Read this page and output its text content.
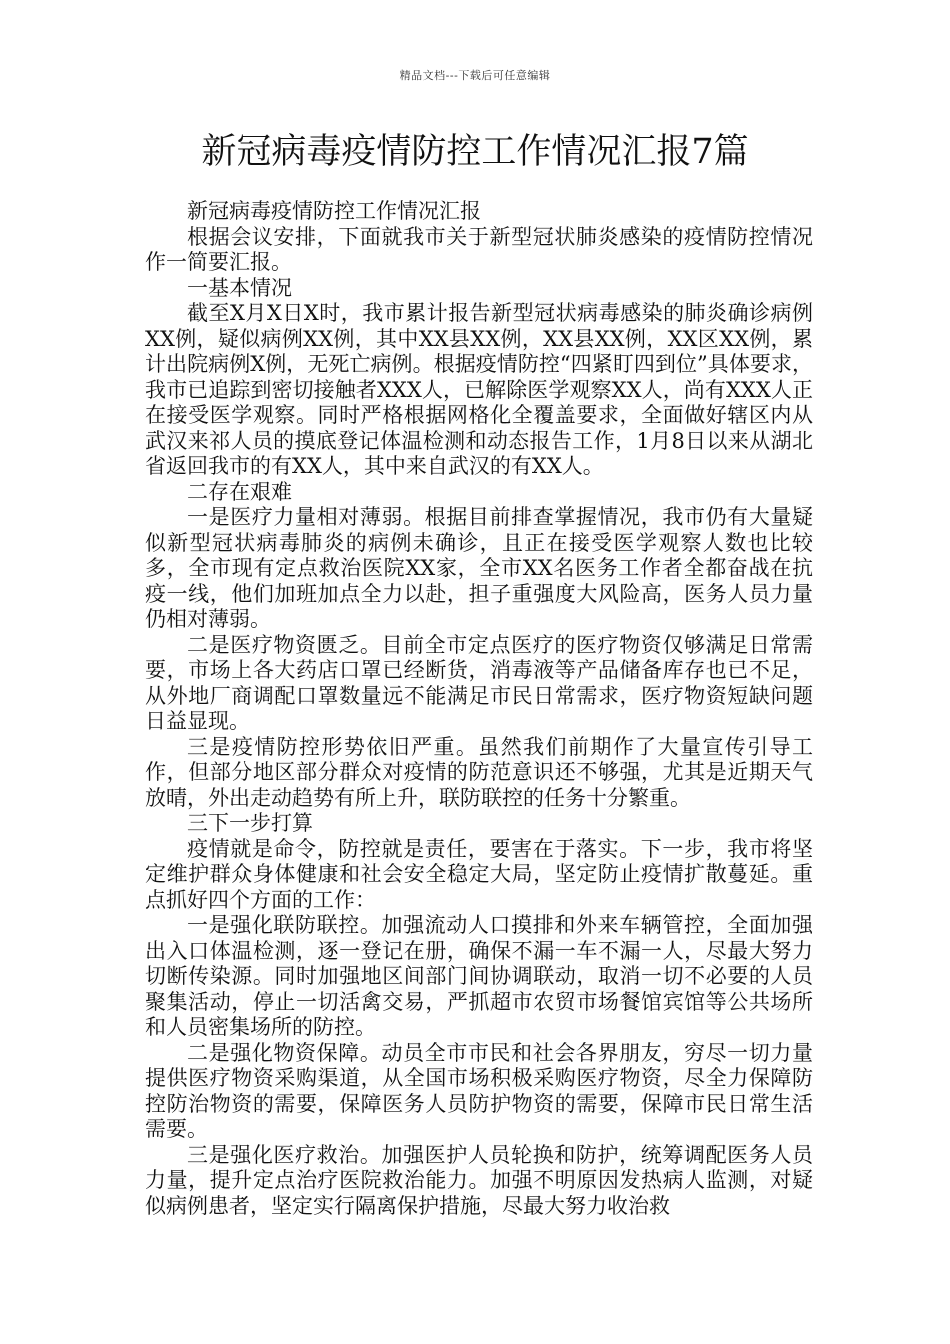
精品文档---下载后可任意编辑
新冠病毒疫情防控工作情况汇报7篇

新冠病毒疫情防控工作情况汇报

根据会议安排，下面就我市关于新型冠状肺炎感染的疫情防控情况作一简要汇报。

一基本情况

截至X月X日X时，我市累计报告新型冠状病毒感染的肺炎确诊病例XX例，疑似病例XX例，其中XX县XX例，XX县XX例，XX区XX例，累计出院病例X例，无死亡病例。根据疫情防控“四紧盯四到位”具体要求，我市已追踪到密切接触者XXX人，已解除医学观察XX人，尚有XXX人正在接受医学观察。同时严格根据网格化全覆盖要求，全面做好辖区内从武汉来祁人员的摸底登记体温检测和动态报告工作，1月8日以来从湖北省返回我市的有XX人，其中来自武汉的有XX人。

二存在艰难

一是医疗力量相对薄弱。根据目前排查掌握情况，我市仍有大量疑似新型冠状病毒肺炎的病例未确诊，且正在接受医学观察人数也比较多，全市现有定点救治医院XX家，全市XX名医务工作者全都奋战在抗疫一线，他们加班加点全力以赴，担子重强度大风险高，医务人员力量仍相对薄弱。

二是医疗物资匮乏。目前全市定点医疗的医疗物资仅够满足日常需要，市场上各大药店口罩已经断货，消毒液等产品储备库存也已不足，从外地厂商调配口罩数量远不能满足市民日常需求，医疗物资短缺问题日益显现。

三是疫情防控形势依旧严重。虽然我们前期作了大量宣传引导工作，但部分地区部分群众对疫情的防范意识还不够强，尤其是近期天气放晴，外出走动趋势有所上升，联防联控的任务十分繁重。

三下一步打算

疫情就是命令，防控就是责任，要害在于落实。下一步，我市将坚定维护群众身体健康和社会安全稳定大局，坚定防止疫情扩散蔓延。重点抓好四个方面的工作：

一是强化联防联控。加强流动人口摸排和外来车辆管控，全面加强出入口体温检测，逐一登记在册，确保不漏一车不漏一人，尽最大努力切断传染源。同时加强地区间部门间协调联动，取消一切不必要的人员聚集活动，停止一切活禽交易，严抓超市农贸市场餐馆宾馆等公共场所和人员密集场所的防控。

二是强化物资保障。动员全市市民和社会各界朋友，穷尽一切力量提供医疗物资采购渠道，从全国市场积极采购医疗物资，尽全力保障防控防治物资的需要，保障医务人员防护物资的需要，保障市民日常生活需要。

三是强化医疗救治。加强医护人员轮换和防护，统筹调配医务人员力量，提升定点治疗医院救治能力。加强不明原因发热病人监测，对疑似病例患者，坚定实行隔离保护措施，尽最大努力收治救
